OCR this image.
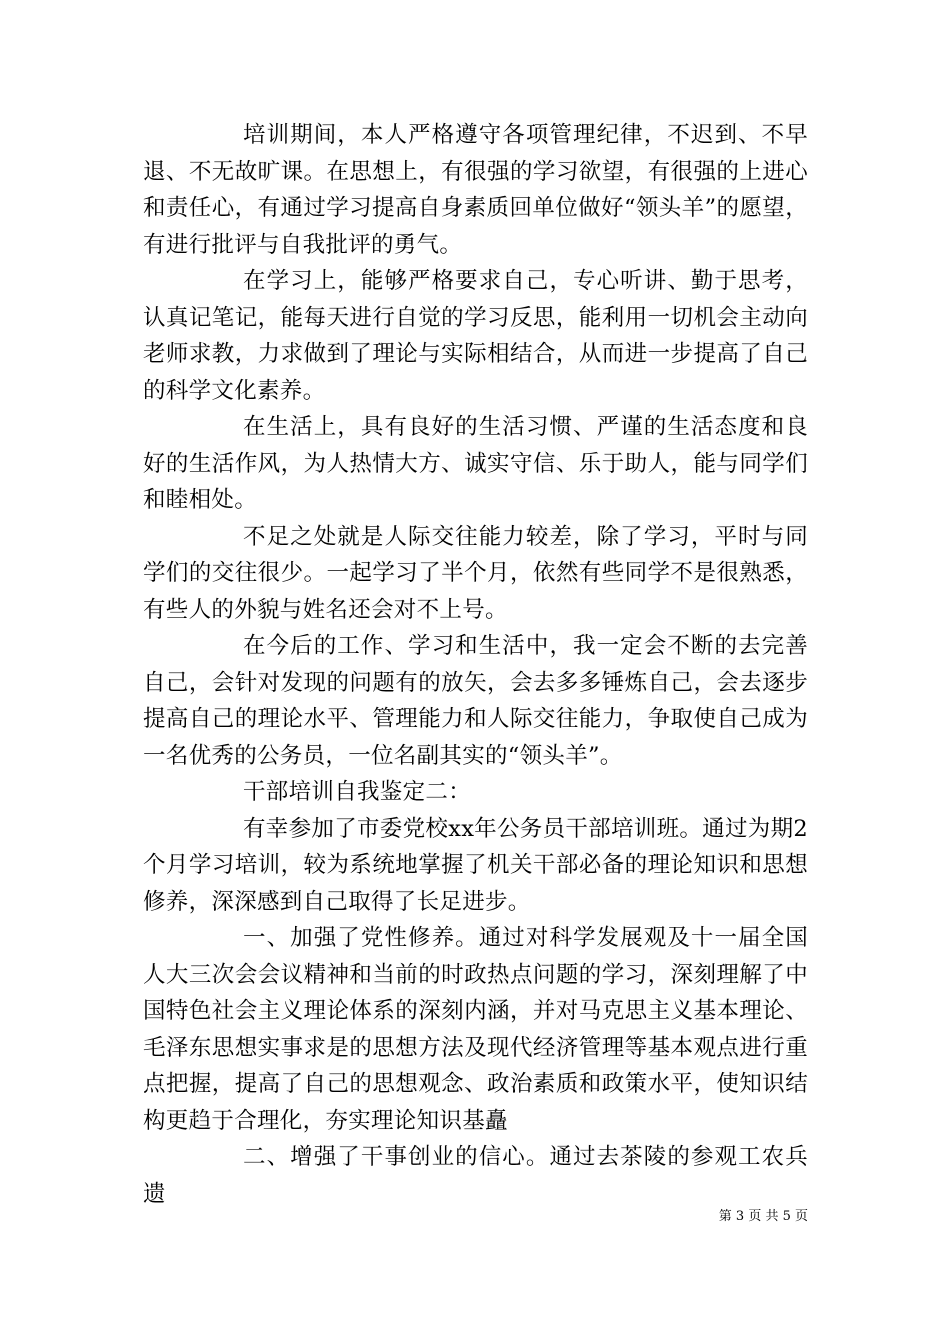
培训期间，本人严格遵守各项管理纪律，不迟到、不早退、不无故旷课。在思想上，有很强的学习欲望，有很强的上进心和责任心，有通过学习提高自身素质回单位做好“领头羊”的愿望，有进行批评与自我批评的勇气。

在学习上，能够严格要求自己，专心听讲、勤于思考，认真记笔记，能每天进行自觉的学习反思，能利用一切机会主动向老师求教，力求做到了理论与实际相结合，从而进一步提高了自己的科学文化素养。

在生活上，具有良好的生活习惯、严谨的生活态度和良好的生活作风，为人热情大方、诚实守信、乐于助人，能与同学们和睦相处。

不足之处就是人际交往能力较差，除了学习，平时与同学们的交往很少。一起学习了半个月，依然有些同学不是很熟悉，有些人的外貌与姓名还会对不上号。

在今后的工作、学习和生活中，我一定会不断的去完善自己，会针对发现的问题有的放矢，会去多多锤炼自己，会去逐步提高自己的理论水平、管理能力和人际交往能力，争取使自己成为一名优秀的公务员，一位名副其实的“领头羊”。

干部培训自我鉴定二：

有幸参加了市委党校xx年公务员干部培训班。通过为期2个月学习培训，较为系统地掌握了机关干部必备的理论知识和思想修养，深深感到自己取得了长足进步。

一、加强了党性修养。通过对科学发展观及十一届全国人大三次会会议精神和当前的时政热点问题的学习，深刻理解了中国特色社会主义理论体系的深刻内涵，并对马克思主义基本理论、毛泽东思想实事求是的思想方法及现代经济管理等基本观点进行重点把握，提高了自己的思想观念、政治素质和政策水平，使知识结构更趋于合理化，夯实理论知识基矗

二、增强了干事创业的信心。通过去茶陵的参观工农兵遗

第 3 页 共 5 页
